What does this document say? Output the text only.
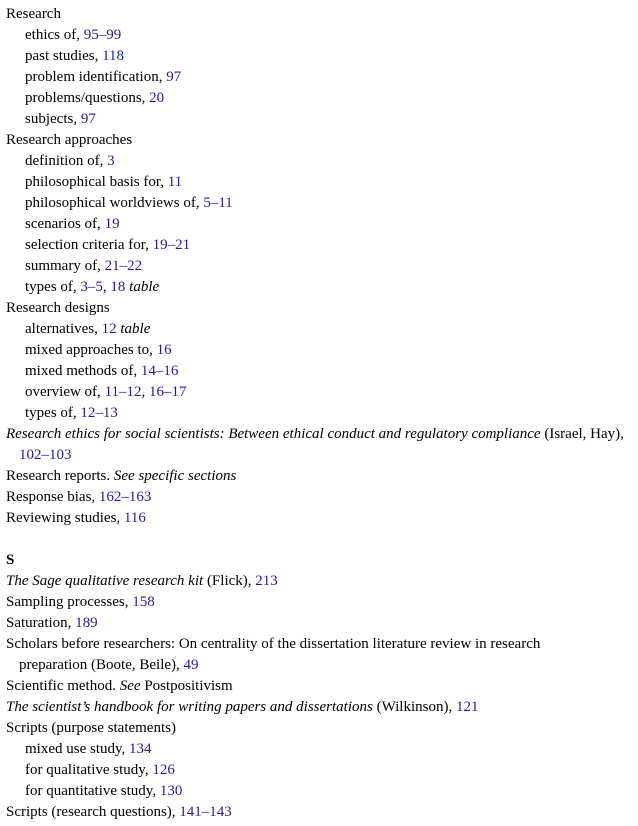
Research
ethics of, 95–99
past studies, 118
problem identification, 97
problems/questions, 20
subjects, 97
Research approaches
definition of, 3
philosophical basis for, 11
philosophical worldviews of, 5–11
scenarios of, 19
selection criteria for, 19–21
summary of, 21–22
types of, 3–5, 18 table
Research designs
alternatives, 12 table
mixed approaches to, 16
mixed methods of, 14–16
overview of, 11–12, 16–17
types of, 12–13
Research ethics for social scientists: Between ethical conduct and regulatory compliance (Israel, Hay), 102–103
Research reports. See specific sections
Response bias, 162–163
Reviewing studies, 116
S
The Sage qualitative research kit (Flick), 213
Sampling processes, 158
Saturation, 189
Scholars before researchers: On centrality of the dissertation literature review in research preparation (Boote, Beile), 49
Scientific method. See Postpositivism
The scientist’s handbook for writing papers and dissertations (Wilkinson), 121
Scripts (purpose statements)
mixed use study, 134
for qualitative study, 126
for quantitative study, 130
Scripts (research questions), 141–143
